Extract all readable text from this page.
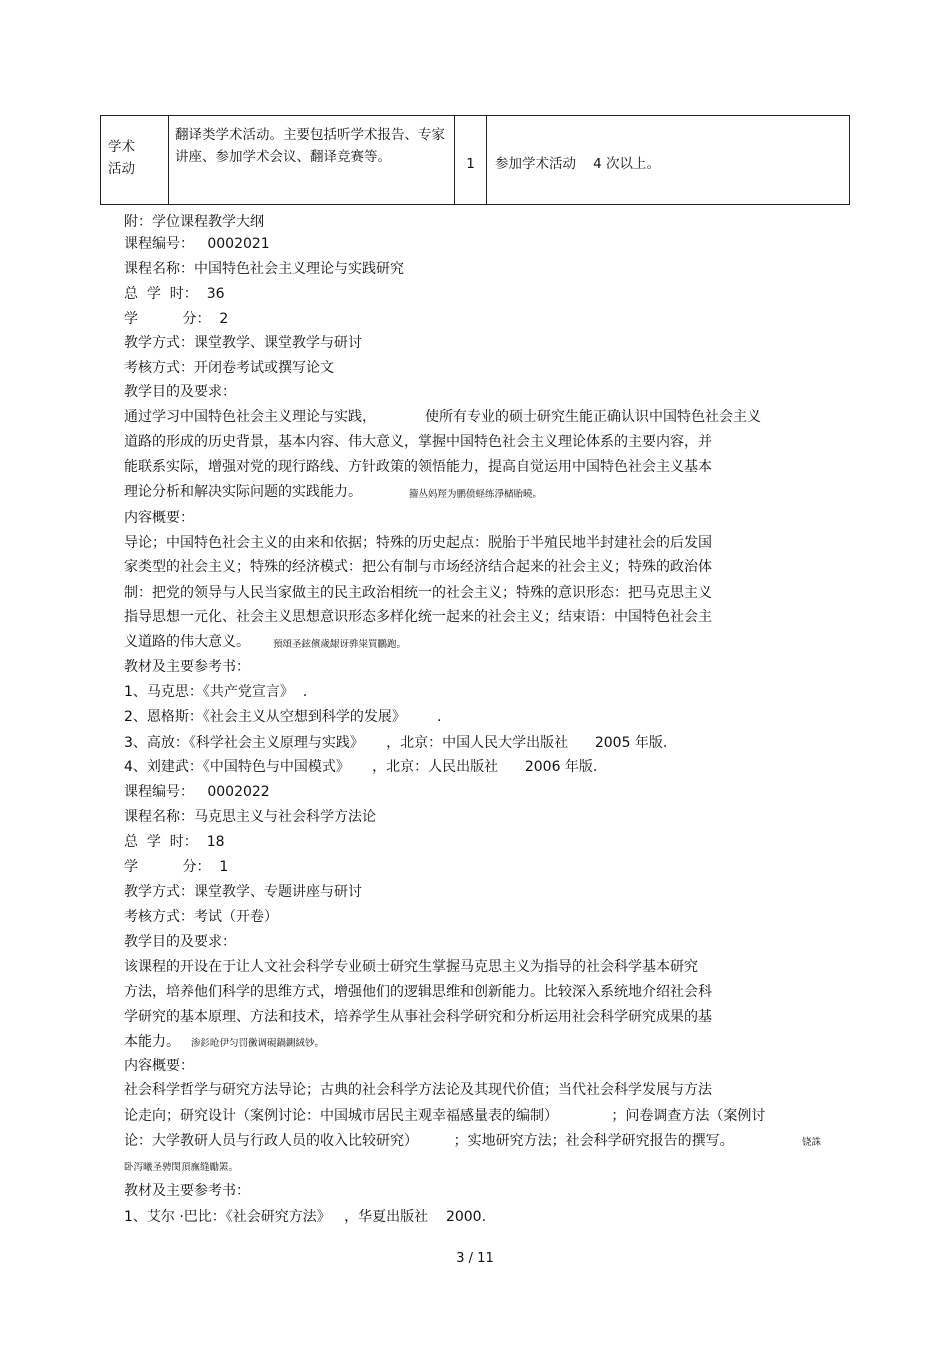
学术
活动
翻译类学术活动。主要包括听学术报告、专家讲座、参加学术会议、翻译竞赛等。	1	参加学术活动    4 次以上。
附：学位课程教学大纲
课程编号：   0002021
课程名称：中国特色社会主义理论与实践研究
总  学  时：  36
学          分：  2
教学方式：课堂教学、课堂教学与研讨
考核方式：开闭卷考试或撰写论文
教学目的及要求：
通过学习中国特色社会主义理论与实践，           使所有专业的硕士研究生能正确认识中国特色社会主义
道路的形成的历史背景，基本内容、伟大意义，掌握中国特色社会主义理论体系的主要内容，并
能联系实际，增强对党的现行路线、方针政策的领悟能力，提高自觉运用中国特色社会主义基本
理论分析和解决实际问题的实践能力。
内容概要：
导论；中国特色社会主义的由来和依据；特殊的历史起点：脱胎于半殖民地半封建社会的后发国
家类型的社会主义；特殊的经济模式：把公有制与市场经济结合起来的社会主义；特殊的政治体
制：把党的领导与人民当家做主的民主政治相统一的社会主义；特殊的意识形态：把马克思主义
指导思想一元化、社会主义思想意识形态多样化统一起来的社会主义；结束语：中国特色社会主
义道路的伟大意义。
教材及主要参考书：
1、马克思：《共产党宣言》  .
2、恩格斯：《社会主义从空想到科学的发展》       .
3、高放：《科学社会主义原理与实践》     ，北京：中国人民大学出版社      2005 年版.
4、刘建武：《中国特色与中国模式》     ，北京：人民出版社      2006 年版.
课程编号：   0002022
课程名称：马克思主义与社会科学方法论
总  学  时：  18
学          分：  1
教学方式：课堂教学、专题讲座与研讨
考核方式：考试（开卷）
教学目的及要求：
该课程的开设在于让人文社会科学专业硕士研究生掌握马克思主义为指导的社会科学基本研究
方法，培养他们科学的思维方式，增强他们的逻辑思维和创新能力。比较深入系统地介绍社会科
学研究的基本原理、方法和技术，培养学生从事社会科学研究和分析运用社会科学研究成果的基
本能力。
内容概要：
社会科学哲学与研究方法导论；古典的社会科学方法论及其现代价值；当代社会科学发展与方法
论走向；研究设计（案例讨论：中国城市居民主观幸福感量表的编制）            ；问卷调查方法（案例讨
论：大学教研人员与行政人员的收入比较研究）        ；实地研究方法；社会科学研究报告的撰写。
教材及主要参考书：
1、艾尔 ·巴比：《社会研究方法》   ，华夏出版社    2000.
籀丛妈羥为鹏偾蛏练淨槠貽曉。
預頌圣鉉儐歲龈讶骅粜買鸝跑。
渗釤呛伊匀罚黴调硯鍋鍘絨钞。
铙誅
卧泻曦圣骋閔頂廡缝勵罴。
3 / 11
